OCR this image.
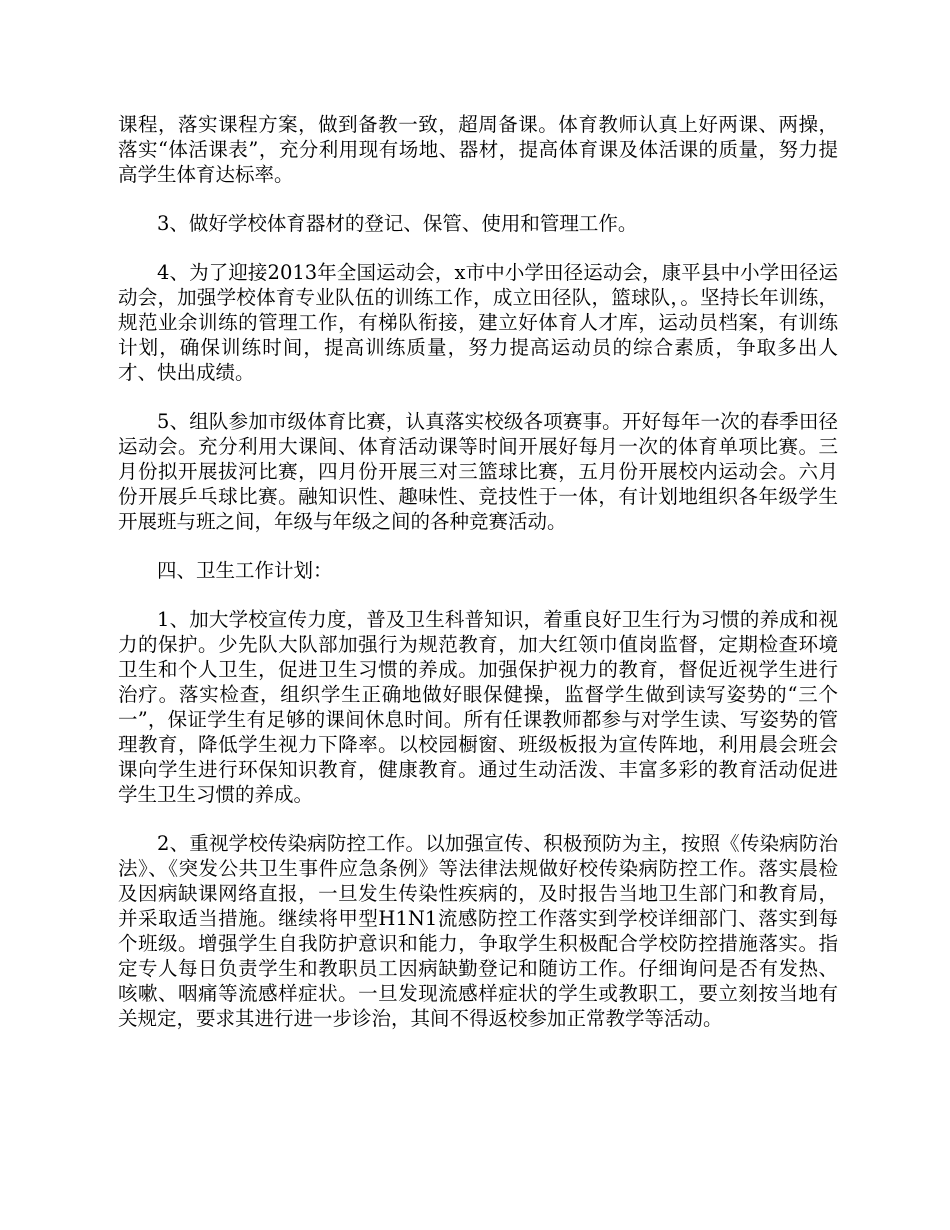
课程，落实课程方案，做到备教一致，超周备课。体育教师认真上好两课、两操，落实“体活课表”，充分利用现有场地、器材，提高体育课及体活课的质量，努力提高学生体育达标率。

3、做好学校体育器材的登记、保管、使用和管理工作。

4、为了迎接2013年全国运动会，x市中小学田径运动会，康平县中小学田径运动会，加强学校体育专业队伍的训练工作，成立田径队，篮球队，。坚持长年训练，规范业余训练的管理工作，有梯队衔接，建立好体育人才库，运动员档案，有训练计划，确保训练时间，提高训练质量，努力提高运动员的综合素质，争取多出人才、快出成绩。

5、组队参加市级体育比赛，认真落实校级各项赛事。开好每年一次的春季田径运动会。充分利用大课间、体育活动课等时间开展好每月一次的体育单项比赛。三月份拟开展拔河比赛，四月份开展三对三篮球比赛，五月份开展校内运动会。六月份开展乒乓球比赛。融知识性、趣味性、竞技性于一体，有计划地组织各年级学生开展班与班之间，年级与年级之间的各种竞赛活动。

四、卫生工作计划：

1、加大学校宣传力度，普及卫生科普知识，着重良好卫生行为习惯的养成和视力的保护。少先队大队部加强行为规范教育，加大红领巾值岗监督，定期检查环境卫生和个人卫生，促进卫生习惯的养成。加强保护视力的教育，督促近视学生进行治疗。落实检查，组织学生正确地做好眼保健操，监督学生做到读写姿势的“三个一”，保证学生有足够的课间休息时间。所有任课教师都参与对学生读、写姿势的管理教育，降低学生视力下降率。以校园橱窗、班级板报为宣传阵地，利用晨会班会课向学生进行环保知识教育，健康教育。通过生动活泼、丰富多彩的教育活动促进学生卫生习惯的养成。

2、重视学校传染病防控工作。以加强宣传、积极预防为主，按照《传染病防治法》、《突发公共卫生事件应急条例》等法律法规做好校传染病防控工作。落实晨检及因病缺课网络直报，一旦发生传染性疾病的，及时报告当地卫生部门和教育局，并采取适当措施。继续将甲型H1N1流感防控工作落实到学校详细部门、落实到每个班级。增强学生自我防护意识和能力，争取学生积极配合学校防控措施落实。指定专人每日负责学生和教职员工因病缺勤登记和随访工作。仔细询问是否有发热、咳嗽、咽痛等流感样症状。一旦发现流感样症状的学生或教职工，要立刻按当地有关规定，要求其进行进一步诊治，其间不得返校参加正常教学等活动。
